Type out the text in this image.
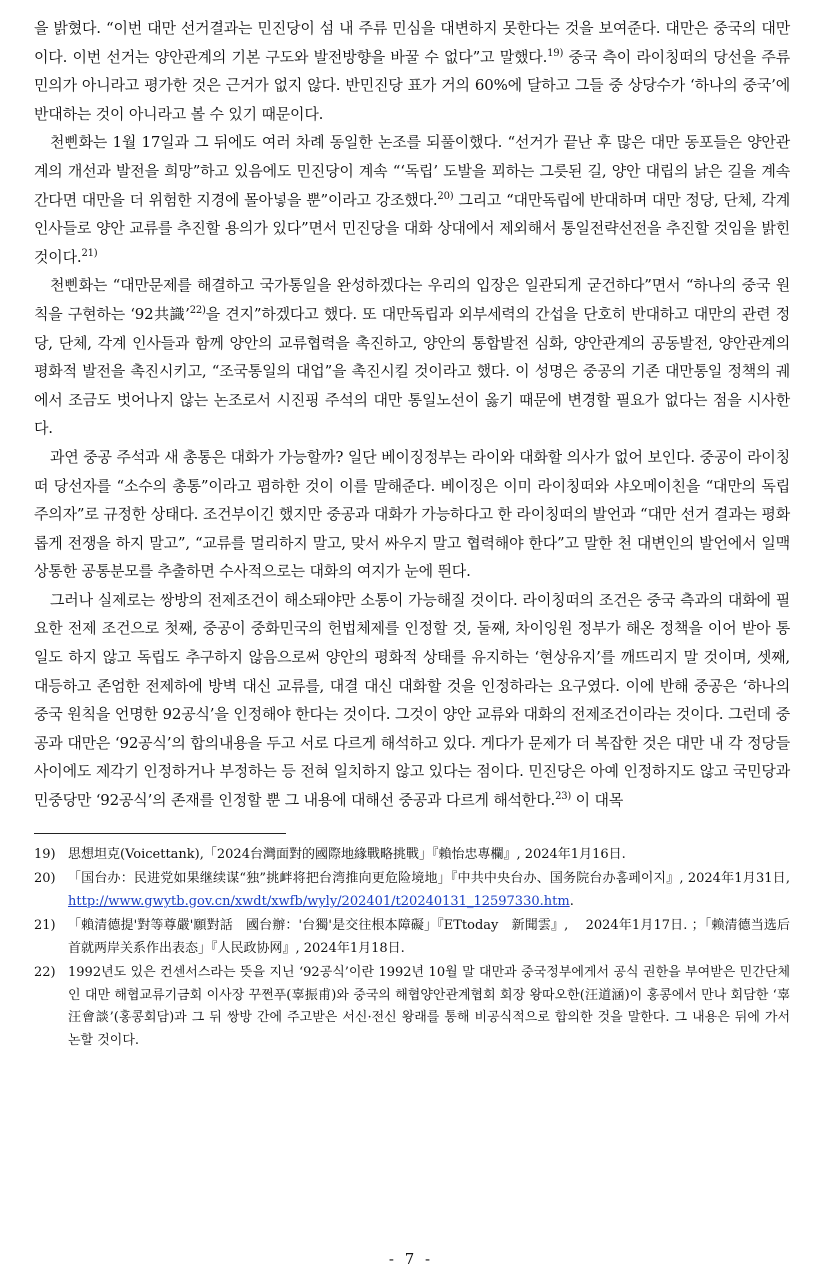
을 밝혔다. “이번 대만 선거결과는 민진당이 섬 내 주류 민심을 대변하지 못한다는 것을 보여준다. 대만은 중국의 대만이다. 이번 선거는 양안관계의 기본 구도와 발전방향을 바꿀 수 없다”고 말했다.$^{19)}$ 중국 측이 라이칭떠의 당선을 주류 민의가 아니라고 평가한 것은 근거가 없지 않다. 반민진당 표가 거의 60%에 달하고 그들 중 상당수가 ‘하나의 중국’에 반대하는 것이 아니라고 볼 수 있기 때문이다.

천삔화는 1월 17일과 그 뒤에도 여러 차례 동일한 논조를 되풀이했다. “선거가 끝난 후 많은 대만 동포들은 양안관계의 개선과 발전을 희망”하고 있음에도 민진당이 계속 “‘독립’ 도발을 꾀하는 그릇된 길, 양안 대립의 낡은 길을 계속 간다면 대만을 더 위험한 지경에 몰아넣을 뿐”이라고 강조했다.$^{20)}$ 그리고 “대만독립에 반대하며 대만 정당, 단체, 각계 인사들로 양안 교류를 추진할 용의가 있다”면서 민진당을 대화 상대에서 제외해서 통일전략선전을 추진할 것임을 밝힌 것이다.$^{21)}$

천삔화는 “대만문제를 해결하고 국가통일을 완성하겠다는 우리의 입장은 일관되게 굳건하다”면서 “하나의 중국 원칙을 구현하는 ‘92共識’$^{22)}$을 견지”하겠다고 했다. 또 대만독립과 외부세력의 간섭을 단호히 반대하고 대만의 관련 정당, 단체, 각계 인사들과 함께 양안의 교류협력을 촉진하고, 양안의 통합발전 심화, 양안관계의 공동발전, 양안관계의 평화적 발전을 촉진시키고, “조국통일의 대업”을 촉진시킬 것이라고 했다. 이 성명은 중공의 기존 대만통일 정책의 궤에서 조금도 벗어나지 않는 논조로서 시진핑 주석의 대만 통일노선이 옳기 때문에 변경할 필요가 없다는 점을 시사한다.

과연 중공 주석과 새 총통은 대화가 가능할까? 일단 베이징정부는 라이와 대화할 의사가 없어 보인다. 중공이 라이칭떠 당선자를 “소수의 총통”이라고 폄하한 것이 이를 말해준다. 베이징은 이미 라이칭떠와 샤오메이친을 “대만의 독립주의자”로 규정한 상태다. 조건부이긴 했지만 중공과 대화가 가능하다고 한 라이칭떠의 발언과 “대만 선거 결과는 평화롭게 전쟁을 하지 말고”, “교류를 멀리하지 말고, 맞서 싸우지 말고 협력해야 한다”고 말한 천 대변인의 발언에서 일맥상통한 공통분모를 추출하면 수사적으로는 대화의 여지가 눈에 띈다.

그러나 실제로는 쌍방의 전제조건이 해소돼야만 소통이 가능해질 것이다. 라이칭떠의 조건은 중국 측과의 대화에 필요한 전제 조건으로 첫째, 중공이 중화민국의 헌법체제를 인정할 것, 둘째, 차이잉원 정부가 해온 정책을 이어 받아 통일도 하지 않고 독립도 추구하지 않음으로써 양안의 평화적 상태를 유지하는 ‘현상유지’를 깨뜨리지 말 것이며, 셋째, 대등하고 존엄한 전제하에 방벽 대신 교류를, 대결 대신 대화할 것을 인정하라는 요구였다. 이에 반해 중공은 ‘하나의 중국 원칙을 언명한 92공식’을 인정해야 한다는 것이다. 그것이 양안 교류와 대화의 전제조건이라는 것이다. 그런데 중공과 대만은 ‘92공식’의 합의내용을 두고 서로 다르게 해석하고 있다. 게다가 문제가 더 복잡한 것은 대만 내 각 정당들 사이에도 제각기 인정하거나 부정하는 등 전혀 일치하지 않고 있다는 점이다. 민진당은 아예 인정하지도 않고 국민당과 민중당만 ‘92공식’의 존재를 인정할 뿐 그 내용에 대해선 중공과 다르게 해석한다.$^{23)}$ 이 대목

19) 思想坦克(Voicettank),「2024台灣面對的國際地緣戰略挑戰」『賴怡忠專欄』, 2024年1月16日.
20) 「国台办：民进党如果继续谋“独”挑衅将把台湾推向更危险境地」『中共中央台办、国务院台办홈페이지』, 2024年1月31日, http://www.gwytb.gov.cn/xwdt/xwfb/wyly/202401/t20240131_12597330.htm.
21) 「賴清德提'對等尊嚴'願對話　國台辦：'台獨'是交往根本障礙」『ETtoday　新聞雲』, 　2024年1月17日. ；「赖清德当选后首就两岸关系作出表态」『人民政协网』, 2024年1月18日.
22) 1992년도 있은 컨센서스라는 뜻을 지닌 ‘92공식’이란 1992년 10월 말 대만과 중국정부에게서 공식 권한을 부여받은 민간단체인 대만 해협교류기금회 이사장 꾸쩐푸(辜振甫)와 중국의 해협양안관계협회 회장 왕따오한(汪道涵)이 홍콩에서 만나 회담한 ‘辜汪會談’(홍콩회담)과 그 뒤 쌍방 간에 주고받은 서신·전신 왕래를 통해 비공식적으로 합의한 것을 말한다. 그 내용은 뒤에 가서 논할 것이다.
- 7 -
